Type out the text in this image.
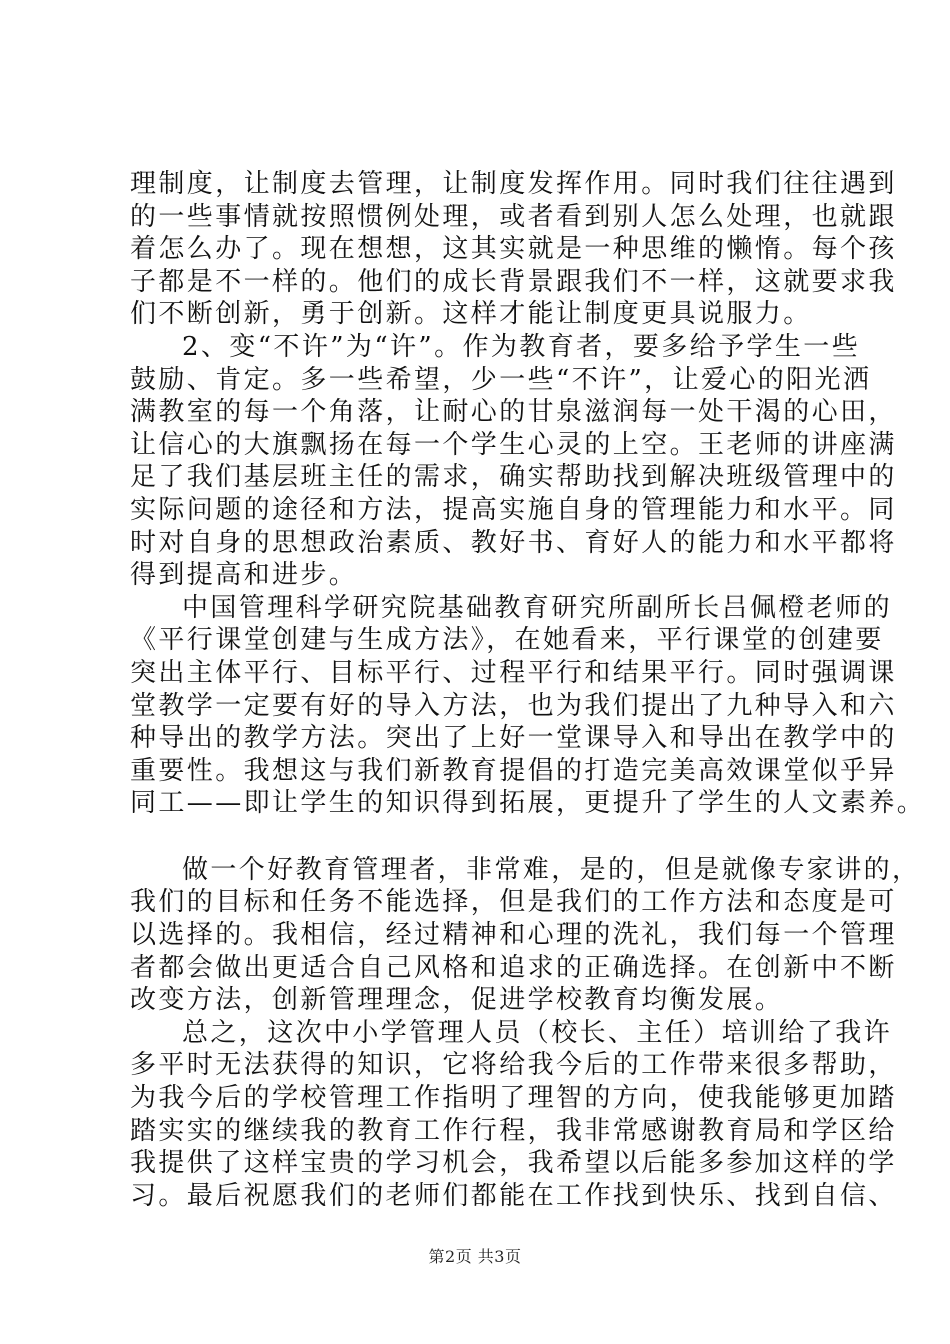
理制度，让制度去管理，让制度发挥作用。同时我们往往遇到
的一些事情就按照惯例处理，或者看到别人怎么处理，也就跟
着怎么办了。现在想想，这其实就是一种思维的懒惰。每个孩
子都是不一样的。他们的成长背景跟我们不一样，这就要求我
们不断创新，勇于创新。这样才能让制度更具说服力。
2、变“不许”为“许”。作为教育者，要多给予学生一些
鼓励、肯定。多一些希望，少一些“不许”，让爱心的阳光洒
满教室的每一个角落，让耐心的甘泉滋润每一处干渴的心田，
让信心的大旗飘扬在每一个学生心灵的上空。王老师的讲座满
足了我们基层班主任的需求，确实帮助找到解决班级管理中的
实际问题的途径和方法，提高实施自身的管理能力和水平。同
时对自身的思想政治素质、教好书、育好人的能力和水平都将
得到提高和进步。
中国管理科学研究院基础教育研究所副所长吕佩橙老师的
《平行课堂创建与生成方法》，在她看来，平行课堂的创建要
突出主体平行、目标平行、过程平行和结果平行。同时强调课
堂教学一定要有好的导入方法，也为我们提出了九种导入和六
种导出的教学方法。突出了上好一堂课导入和导出在教学中的
重要性。我想这与我们新教育提倡的打造完美高效课堂似乎异
同工——即让学生的知识得到拓展，更提升了学生的人文素养。
做一个好教育管理者，非常难，是的，但是就像专家讲的，
我们的目标和任务不能选择，但是我们的工作方法和态度是可
以选择的。我相信，经过精神和心理的洗礼，我们每一个管理
者都会做出更适合自己风格和追求的正确选择。在创新中不断
改变方法，创新管理理念，促进学校教育均衡发展。
总之，这次中小学管理人员（校长、主任）培训给了我许
多平时无法获得的知识，它将给我今后的工作带来很多帮助，
为我今后的学校管理工作指明了理智的方向，使我能够更加踏
踏实实的继续我的教育工作行程，我非常感谢教育局和学区给
我提供了这样宝贵的学习机会，我希望以后能多参加这样的学
习。最后祝愿我们的老师们都能在工作找到快乐、找到自信、
第2页 共3页
